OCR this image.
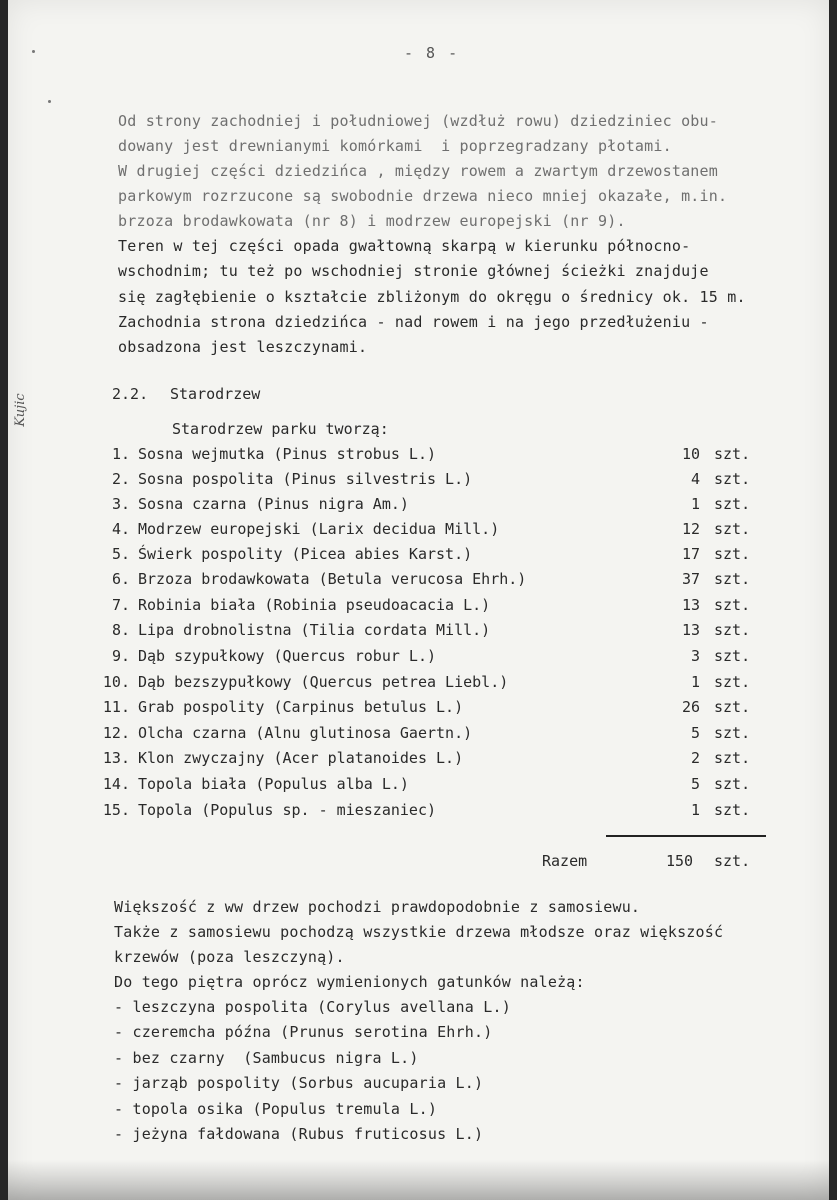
- 8 -
Kujic
Od strony zachodniej i południowej (wzdłuż rowu) dziedziniec obu-
dowany jest drewnianymi komórkami  i poprzegradzany płotami.
W drugiej części dziedzińca , między rowem a zwartym drzewostanem
parkowym rozrzucone są swobodnie drzewa nieco mniej okazałe, m.in.
brzoza brodawkowata (nr 8) i modrzew europejski (nr 9).
Teren w tej części opada gwałtowną skarpą w kierunku północno-
wschodnim; tu też po wschodniej stronie głównej ścieżki znajduje
się zagłębienie o kształcie zbliżonym do okręgu o średnicy ok. 15 m.
Zachodnia strona dziedzińca - nad rowem i na jego przedłużeniu -
obsadzona jest leszczynami.
2.2. Starodrzew
Starodrzew parku tworzą:
1. Sosna wejmutka (Pinus strobus L.)	10 szt.
2. Sosna pospolita (Pinus silvestris L.)	4 szt.
3. Sosna czarna (Pinus nigra Am.)	1 szt.
4. Modrzew europejski (Larix decidua Mill.)	12 szt.
5. Świerk pospolity (Picea abies Karst.)	17 szt.
6. Brzoza brodawkowata (Betula verucosa Ehrh.)	37 szt.
7. Robinia biała (Robinia pseudoacacia L.)	13 szt.
8. Lipa drobnolistna (Tilia cordata Mill.)	13 szt.
9. Dąb szypułkowy (Quercus robur L.)	3 szt.
10. Dąb bezszypułkowy (Quercus petrea Liebl.)	1 szt.
11. Grab pospolity (Carpinus betulus L.)	26 szt.
12. Olcha czarna (Alnu glutinosa Gaertn.)	5 szt.
13. Klon zwyczajny (Acer platanoides L.)	2 szt.
14. Topola biała (Populus alba L.)	5 szt.
15. Topola (Populus sp. - mieszaniec)	1 szt.
Razem	150 szt.
Większość z ww drzew pochodzi prawdopodobnie z samosiewu.
Także z samosiewu pochodzą wszystkie drzewa młodsze oraz większość
krzewów (poza leszczyną).
Do tego piętra oprócz wymienionych gatunków należą:
- leszczyna pospolita (Corylus avellana L.)
- czeremcha późna (Prunus serotina Ehrh.)
- bez czarny  (Sambucus nigra L.)
- jarząb pospolity (Sorbus aucuparia L.)
- topola osika (Populus tremula L.)
- jeżyna fałdowana (Rubus fruticosus L.)
